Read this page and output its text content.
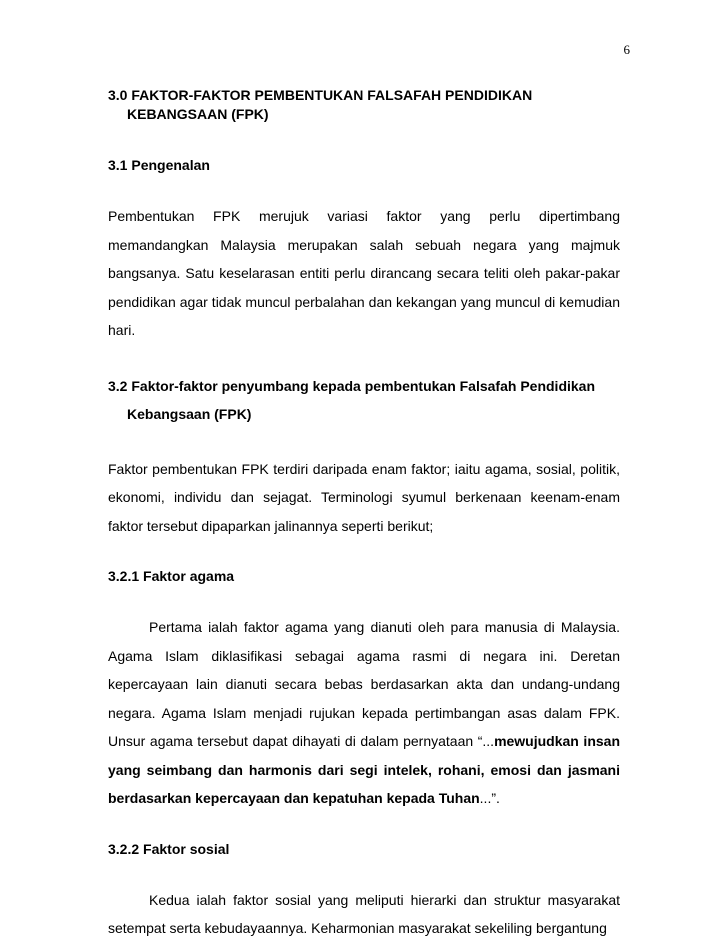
6
3.0 FAKTOR-FAKTOR PEMBENTUKAN FALSAFAH PENDIDIKAN
KEBANGSAAN (FPK)
3.1 Pengenalan

Pembentukan FPK merujuk variasi faktor yang perlu dipertimbang memandangkan Malaysia merupakan salah sebuah negara yang majmuk bangsanya. Satu keselarasan entiti perlu dirancang secara teliti oleh pakar-pakar pendidikan agar tidak muncul perbalahan dan kekangan yang muncul di kemudian hari.

3.2 Faktor-faktor penyumbang kepada pembentukan Falsafah Pendidikan
Kebangsaan (FPK)

Faktor pembentukan FPK terdiri daripada enam faktor; iaitu agama, sosial, politik, ekonomi, individu dan sejagat. Terminologi syumul berkenaan keenam-enam faktor tersebut dipaparkan jalinannya seperti berikut;

3.2.1 Faktor agama

Pertama ialah faktor agama yang dianuti oleh para manusia di Malaysia. Agama Islam diklasifikasi sebagai agama rasmi di negara ini. Deretan kepercayaan lain dianuti secara bebas berdasarkan akta dan undang-undang negara. Agama Islam menjadi rujukan kepada pertimbangan asas dalam FPK. Unsur agama tersebut dapat dihayati di dalam pernyataan “...mewujudkan insan yang seimbang dan harmonis dari segi intelek, rohani, emosi dan jasmani berdasarkan kepercayaan dan kepatuhan kepada Tuhan...”.

3.2.2 Faktor sosial

Kedua ialah faktor sosial yang meliputi hierarki dan struktur masyarakat setempat serta kebudayaannya. Keharmonian masyarakat sekeliling bergantung
